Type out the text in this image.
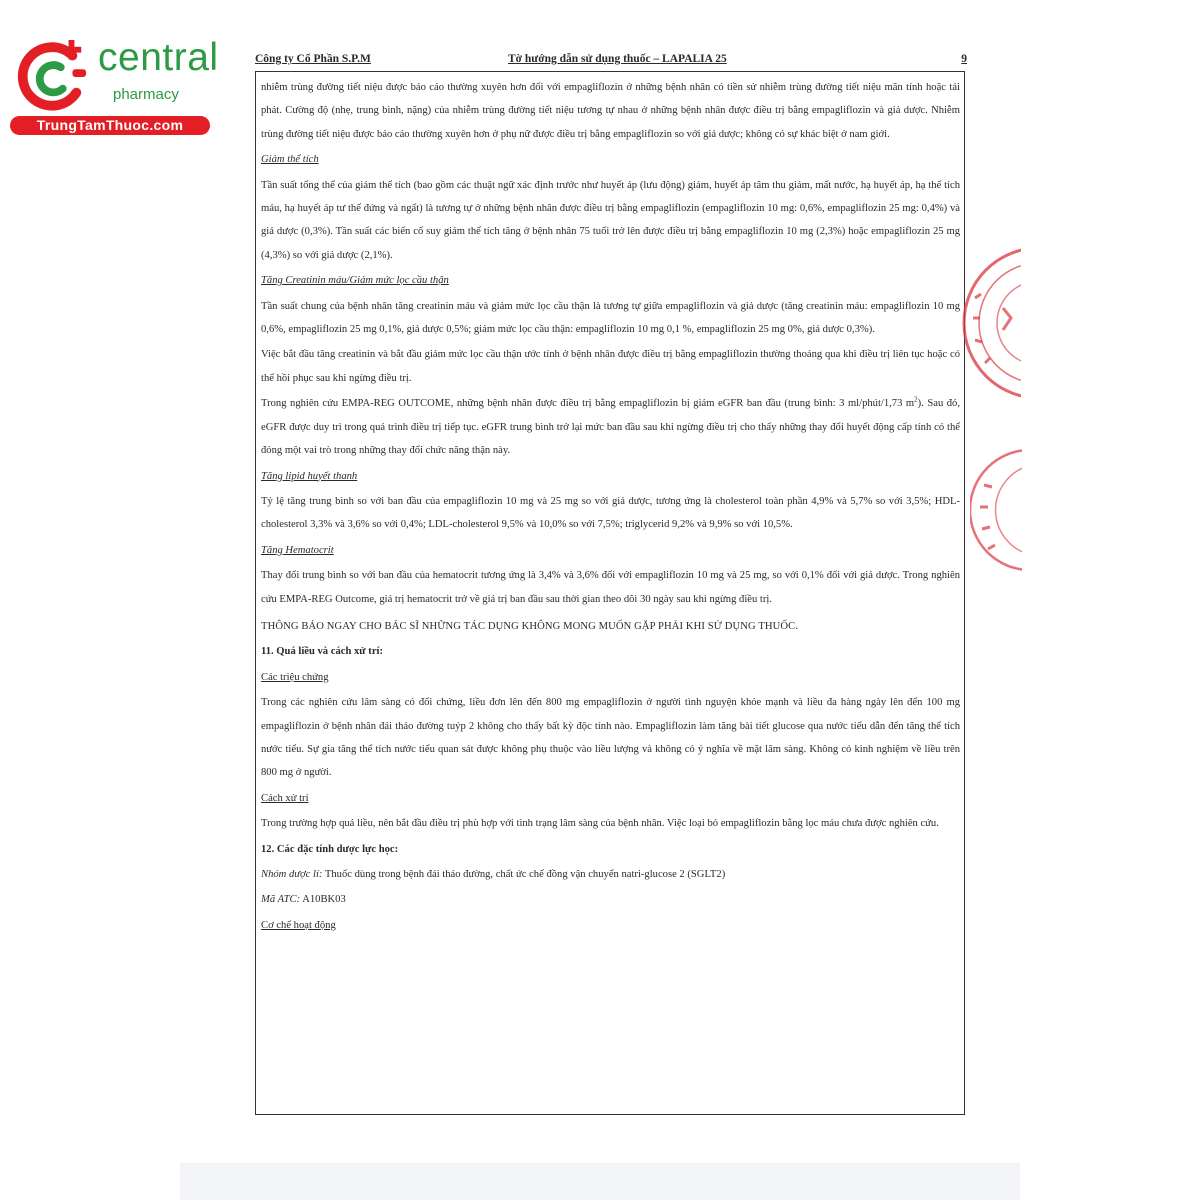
central
pharmacy
TrungTamThuoc.com
Công ty Cổ Phần S.P.M	Tờ hướng dẫn sử dụng thuốc – LAPALIA 25	9

nhiễm trùng đường tiết niệu được báo cáo thường xuyên hơn đối với empagliflozin ở những bệnh nhân có tiền sử nhiễm trùng đường tiết niệu mãn tính hoặc tái phát. Cường độ (nhẹ, trung bình, nặng) của nhiễm trùng đường tiết niệu tương tự nhau ở những bệnh nhân được điều trị bằng empagliflozin và giả dược. Nhiễm trùng đường tiết niệu được báo cáo thường xuyên hơn ở phụ nữ được điều trị bằng empagliflozin so với giả dược; không có sự khác biệt ở nam giới.

Giảm thể tích

Tần suất tổng thể của giảm thể tích (bao gồm các thuật ngữ xác định trước như huyết áp (lưu động) giảm, huyết áp tâm thu giảm, mất nước, hạ huyết áp, hạ thể tích máu, hạ huyết áp tư thế đứng và ngất) là tương tự ở những bệnh nhân được điều trị bằng empagliflozin (empagliflozin 10 mg: 0,6%, empagliflozin 25 mg: 0,4%) và giả dược (0,3%). Tần suất các biến cố suy giảm thể tích tăng ở bệnh nhân 75 tuổi trở lên được điều trị bằng empagliflozin 10 mg (2,3%) hoặc empagliflozin 25 mg (4,3%) so với giả dược (2,1%).

Tăng Creatinin máu/Giảm mức lọc cầu thận

Tần suất chung của bệnh nhân tăng creatinin máu và giảm mức lọc cầu thận là tương tự giữa empagliflozin và giả dược (tăng creatinin máu: empagliflozin 10 mg 0,6%, empagliflozin 25 mg 0,1%, giả dược 0,5%; giảm mức lọc cầu thận: empagliflozin 10 mg 0,1 %, empagliflozin 25 mg 0%, giả dược 0,3%).

Việc bắt đầu tăng creatinin và bắt đầu giảm mức lọc cầu thận ước tính ở bệnh nhân được điều trị bằng empagliflozin thường thoáng qua khi điều trị liên tục hoặc có thể hồi phục sau khi ngừng điều trị.

Trong nghiên cứu EMPA-REG OUTCOME, những bệnh nhân được điều trị bằng empagliflozin bị giảm eGFR ban đầu (trung bình: 3 ml/phút/1,73 $m^2$). Sau đó, eGFR được duy trì trong quá trình điều trị tiếp tục. eGFR trung bình trở lại mức ban đầu sau khi ngừng điều trị cho thấy những thay đổi huyết động cấp tính có thể đóng một vai trò trong những thay đổi chức năng thận này.

Tăng lipid huyết thanh

Tỷ lệ tăng trung bình so với ban đầu của empagliflozin 10 mg và 25 mg so với giả dược, tương ứng là cholesterol toàn phần 4,9% và 5,7% so với 3,5%; HDL-cholesterol 3,3% và 3,6% so với 0,4%; LDL-cholesterol 9,5% và 10,0% so với 7,5%; triglycerid 9,2% và 9,9% so với 10,5%.

Tăng Hematocrit

Thay đổi trung bình so với ban đầu của hematocrit tương ứng là 3,4% và 3,6% đối với empagliflozin 10 mg và 25 mg, so với 0,1% đối với giả dược. Trong nghiên cứu EMPA-REG Outcome, giá trị hematocrit trở về giá trị ban đầu sau thời gian theo dõi 30 ngày sau khi ngừng điều trị.

THÔNG BÁO NGAY CHO BÁC SĨ NHỮNG TÁC DỤNG KHÔNG MONG MUỐN GẶP PHẢI KHI SỬ DỤNG THUỐC.

11. Quá liều và cách xử trí:
Các triệu chứng

Trong các nghiên cứu lâm sàng có đối chứng, liều đơn lên đến 800 mg empagliflozin ở người tình nguyện khỏe mạnh và liều đa hàng ngày lên đến 100 mg empagliflozin ở bệnh nhân đái tháo đường tuýp 2 không cho thấy bất kỳ độc tính nào. Empagliflozin làm tăng bài tiết glucose qua nước tiểu dẫn đến tăng thể tích nước tiểu. Sự gia tăng thể tích nước tiểu quan sát được không phụ thuộc vào liều lượng và không có ý nghĩa về mặt lâm sàng. Không có kinh nghiệm về liều trên 800 mg ở người.

Cách xử trí

Trong trường hợp quá liều, nên bắt đầu điều trị phù hợp với tình trạng lâm sàng của bệnh nhân. Việc loại bỏ empagliflozin bằng lọc máu chưa được nghiên cứu.

12. Các đặc tính dược lực học:
Nhóm dược lí: Thuốc dùng trong bệnh đái tháo đường, chất ức chế đồng vận chuyển natri-glucose 2 (SGLT2)
Mã ATC: A10BK03
Cơ chế hoạt động
